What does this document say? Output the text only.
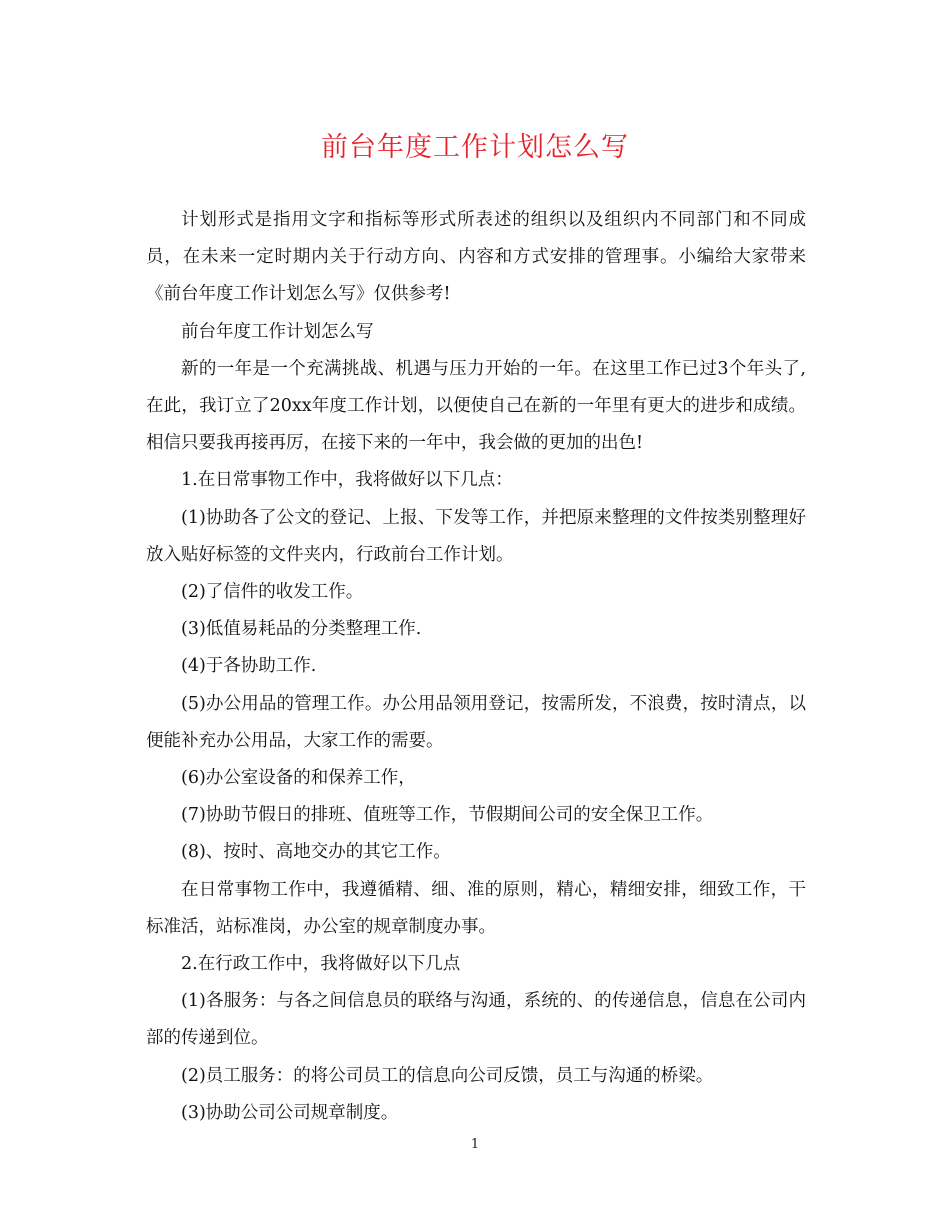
前台年度工作计划怎么写

计划形式是指用文字和指标等形式所表述的组织以及组织内不同部门和不同成员，在未来一定时期内关于行动方向、内容和方式安排的管理事。小编给大家带来《前台年度工作计划怎么写》仅供参考!

前台年度工作计划怎么写

新的一年是一个充满挑战、机遇与压力开始的一年。在这里工作已过3个年头了,在此，我订立了20xx年度工作计划，以便使自己在新的一年里有更大的进步和成绩。相信只要我再接再厉，在接下来的一年中，我会做的更加的出色!

1.在日常事物工作中，我将做好以下几点：

(1)协助各了公文的登记、上报、下发等工作，并把原来整理的文件按类别整理好放入贴好标签的文件夹内，行政前台工作计划。

(2)了信件的收发工作。

(3)低值易耗品的分类整理工作.

(4)于各协助工作.

(5)办公用品的管理工作。办公用品领用登记，按需所发，不浪费，按时清点，以便能补充办公用品，大家工作的需要。

(6)办公室设备的和保养工作，

(7)协助节假日的排班、值班等工作，节假期间公司的安全保卫工作。

(8)、按时、高地交办的其它工作。

在日常事物工作中，我遵循精、细、准的原则，精心，精细安排，细致工作，干标准活，站标准岗，办公室的规章制度办事。

2.在行政工作中，我将做好以下几点

(1)各服务：与各之间信息员的联络与沟通，系统的、的传递信息，信息在公司内部的传递到位。

(2)员工服务：的将公司员工的信息向公司反馈，员工与沟通的桥梁。

(3)协助公司公司规章制度。

1
